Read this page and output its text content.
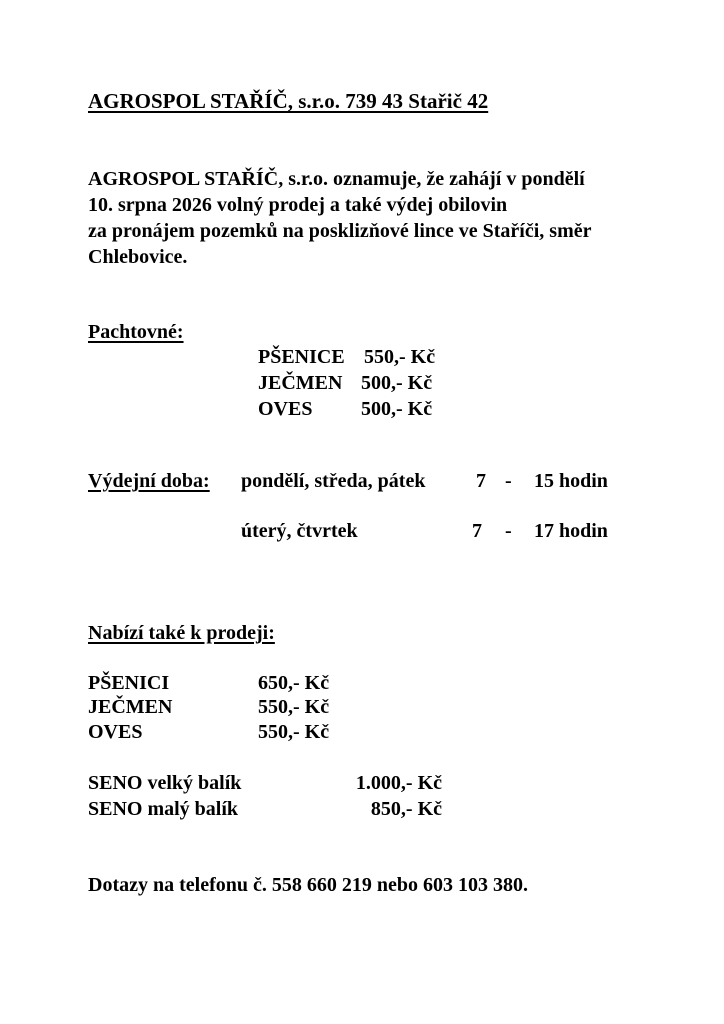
AGROSPOL STAŘÍČ, s.r.o. 739 43 Stařič 42
AGROSPOL STAŘÍČ, s.r.o. oznamuje, že zahájí v pondělí
10. srpna 2026 volný prodej a také výdej obilovin
za pronájem pozemků na posklizňové lince ve Staříči, směr
Chlebovice.
Pachtovné:
PŠENICE 550,- Kč
JEČMEN 500,- Kč
OVES 500,- Kč
Výdejní doba: pondělí, středa, pátek	7 - 15 hodin
úterý, čtvrtek	7 - 17 hodin
Nabízí také k prodeji:
PŠENICI	650,- Kč
JEČMEN	550,- Kč
OVES	550,- Kč
SENO velký balík	1.000,- Kč
SENO malý balík	850,- Kč
Dotazy na telefonu č. 558 660 219 nebo 603 103 380.
